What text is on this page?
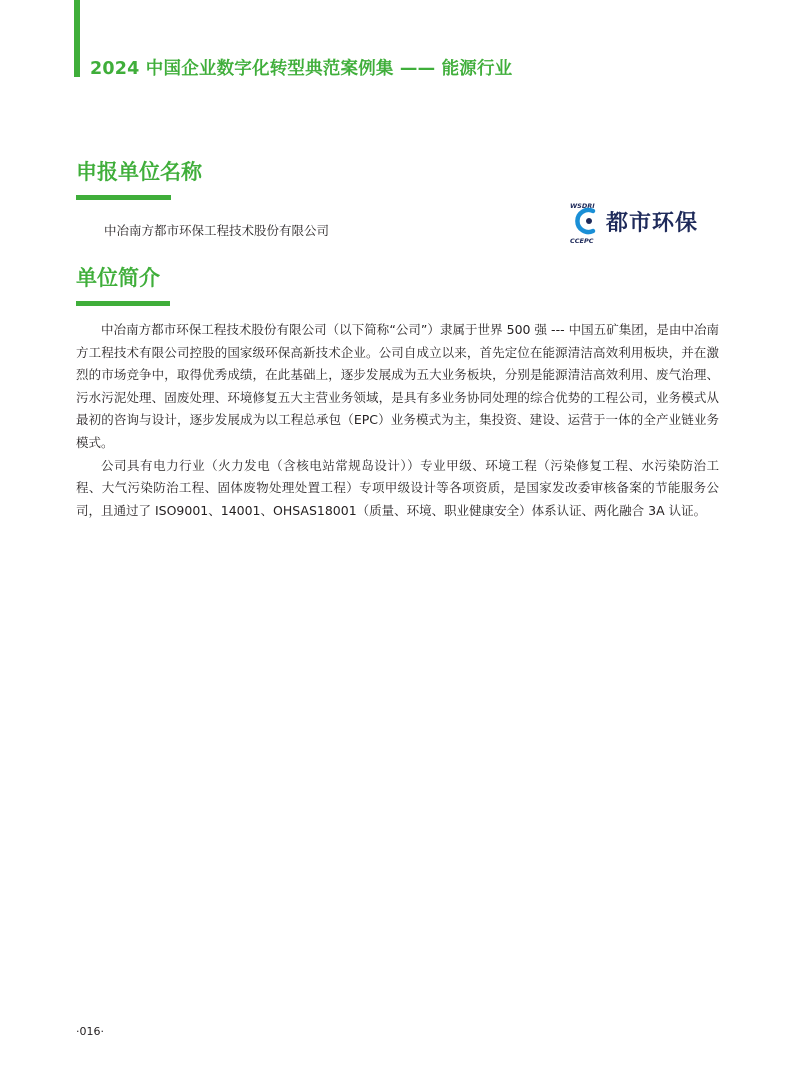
2024 中国企业数字化转型典范案例集 —— 能源行业
申报单位名称
中冶南方都市环保工程技术股份有限公司
WSDRI
CCEPC
都市环保
单位简介

中冶南方都市环保工程技术股份有限公司（以下简称“公司”）隶属于世界 500 强 --- 中国五矿集团，是由中冶南方工程技术有限公司控股的国家级环保高新技术企业。公司自成立以来，首先定位在能源清洁高效利用板块，并在激烈的市场竞争中，取得优秀成绩，在此基础上，逐步发展成为五大业务板块，分别是能源清洁高效利用、废气治理、污水污泥处理、固废处理、环境修复五大主营业务领域，是具有多业务协同处理的综合优势的工程公司，业务模式从最初的咨询与设计，逐步发展成为以工程总承包（EPC）业务模式为主，集投资、建设、运营于一体的全产业链业务模式。

公司具有电力行业（火力发电（含核电站常规岛设计））专业甲级、环境工程（污染修复工程、水污染防治工程、大气污染防治工程、固体废物处理处置工程）专项甲级设计等各项资质，是国家发改委审核备案的节能服务公司，且通过了 ISO9001、14001、OHSAS18001（质量、环境、职业健康安全）体系认证、两化融合 3A 认证。

·016·
